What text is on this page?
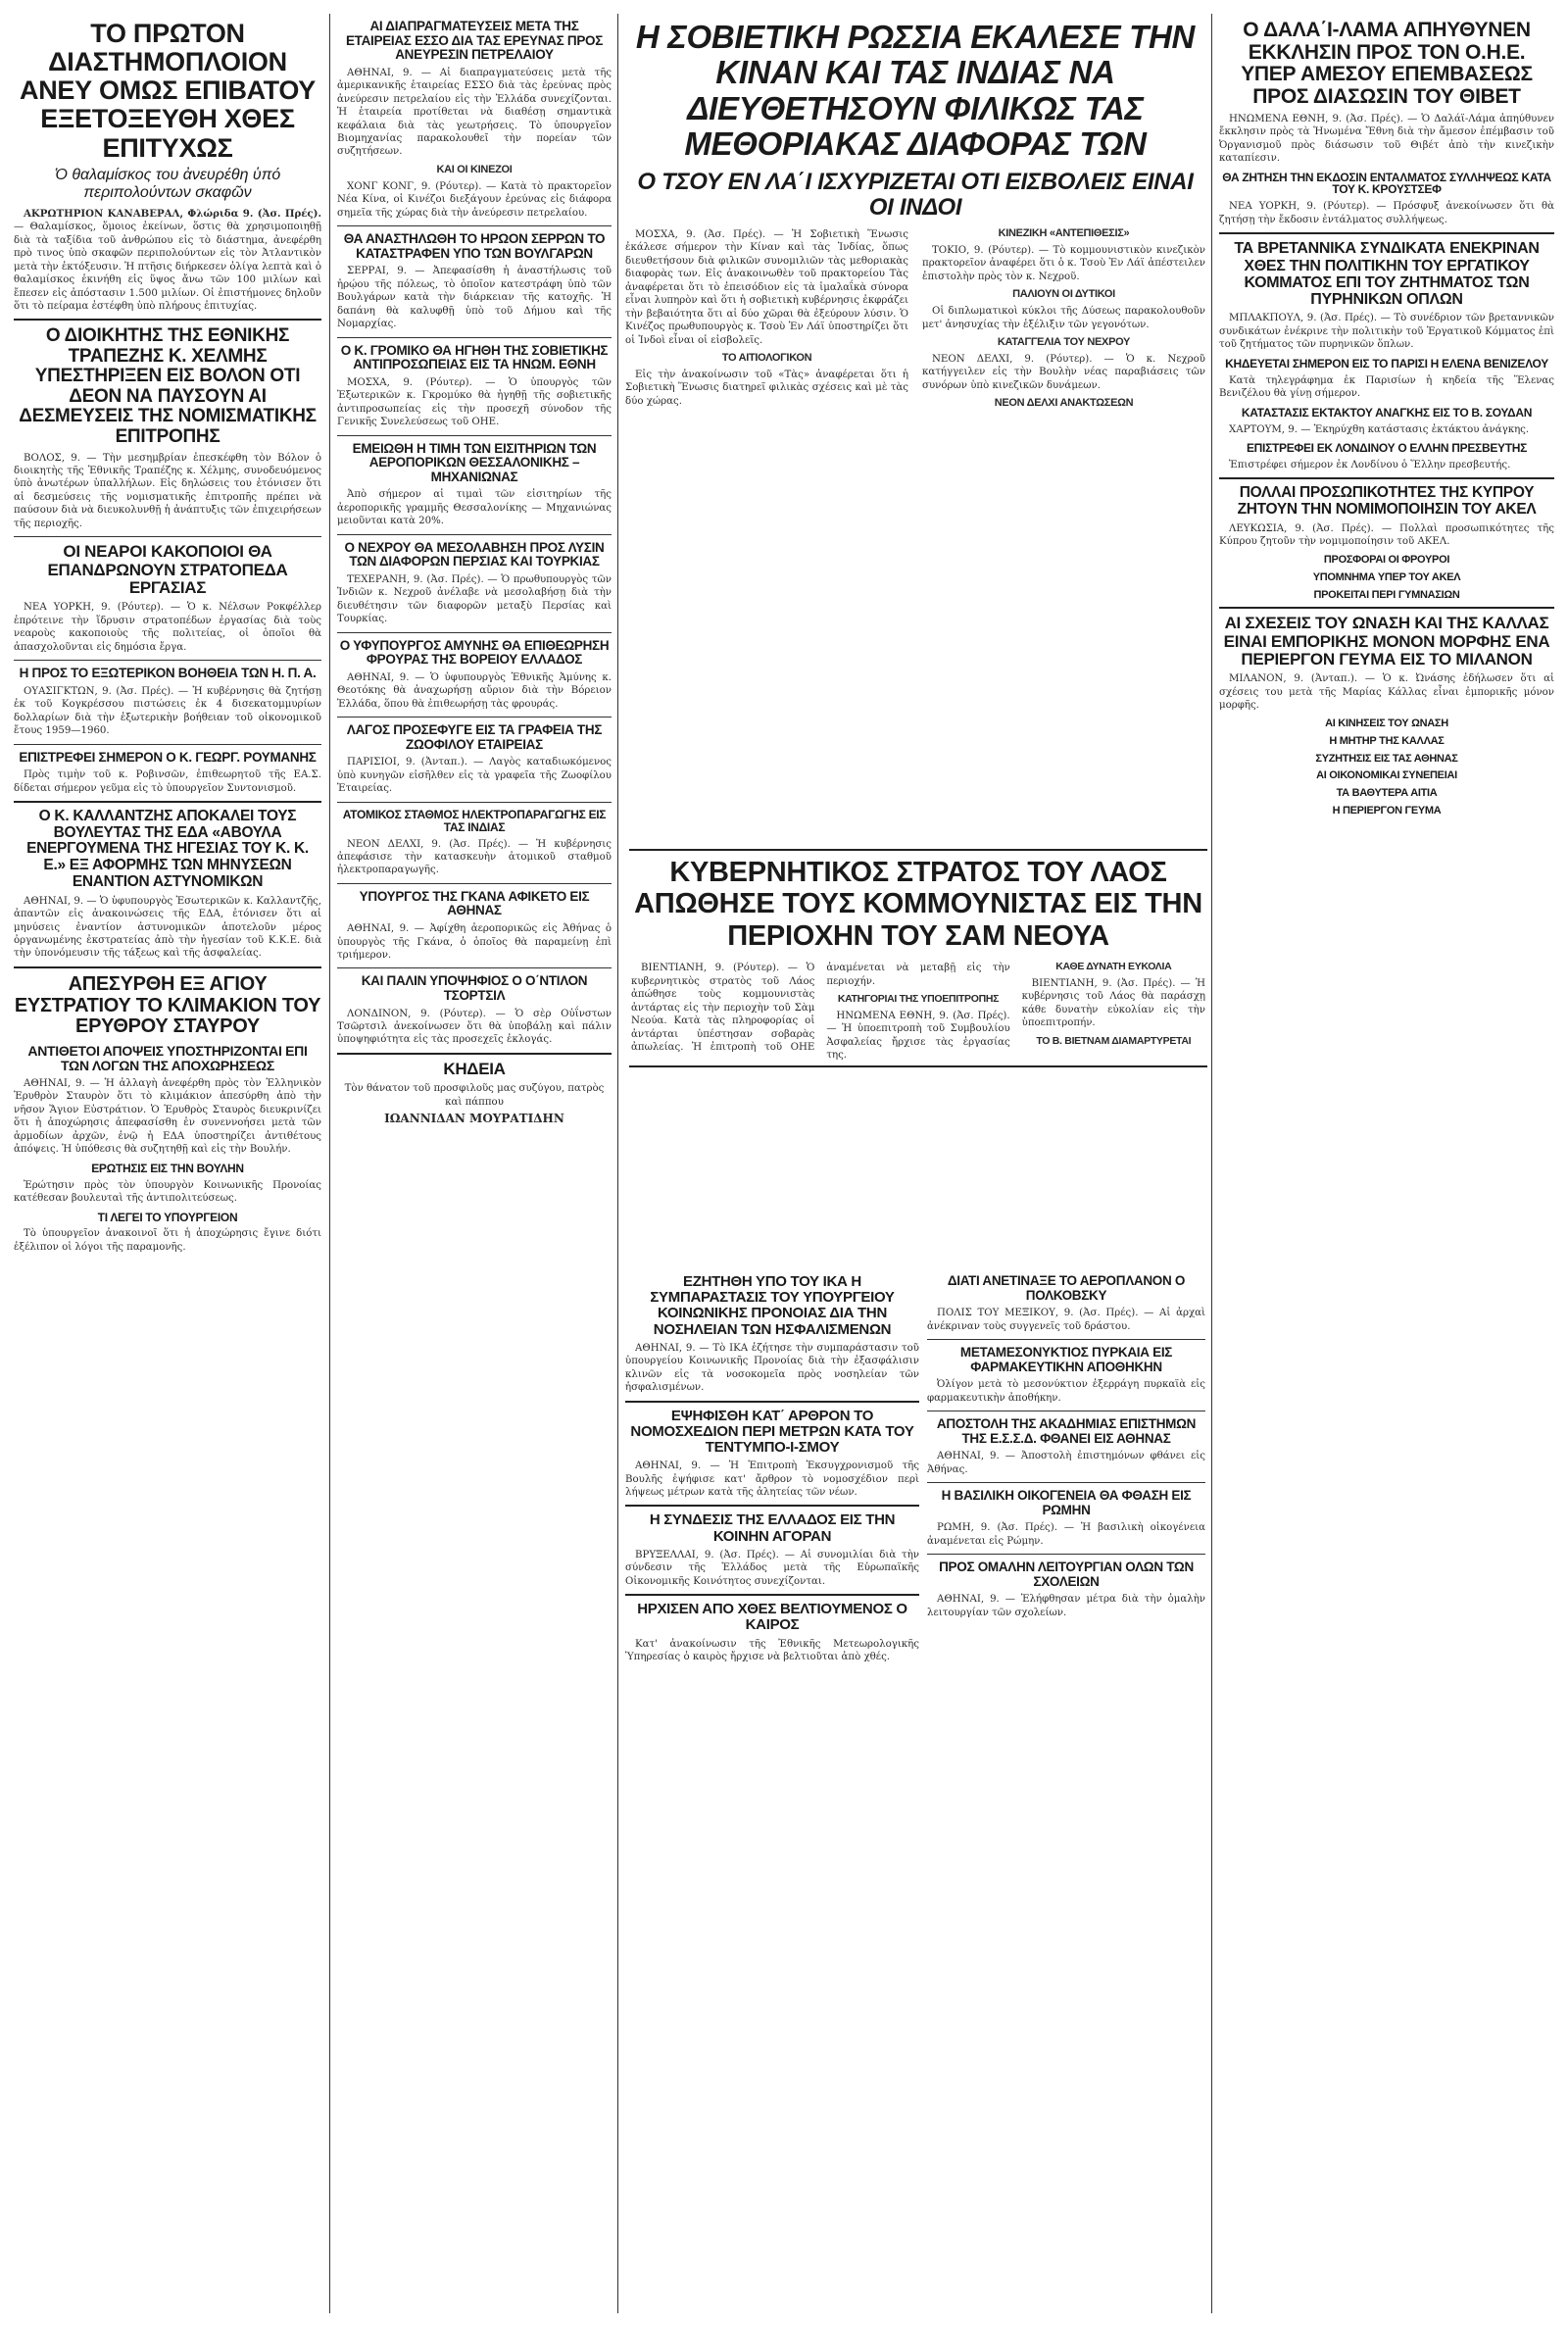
ΤΟ ΠΡΩΤΟΝ ΔΙΑΣΤΗΜΟΠΛΟΙΟΝ ΑΝΕΥ ΟΜΩΣ ΕΠΙΒΑΤΟΥ ΕΞΕΤΟΞΕΥΘΗ ΧΘΕΣ ΕΠΙΤΥΧΩΣ
Ὁ θαλαμίσκος του ἀνευρέθη ὑπό περιπολούντων σκαφῶν

ΑΚΡΩΤΗΡΙΟΝ ΚΑΝΑΒΕΡΑΛ, Φλώριδα 9. (Ἀσ. Πρές). — Θαλαμίσκος, ὅμοιος ἐκείνων, ὅστις θὰ χρησιμοποιηθῇ διὰ τὰ ταξίδια τοῦ ἀνθρώπου εἰς τὸ διάστημα, ἀνεφέρθη πρὸ τινος ὑπὸ σκαφῶν περιπολούντων εἰς τὸν Ἀτλαντικὸν μετὰ τὴν ἐκτόξευσιν. Ἡ πτῆσις διήρκεσεν ὀλίγα λεπτὰ καὶ ὁ θαλαμίσκος ἐκινήθη εἰς ὕψος ἄνω τῶν 100 μιλίων καὶ ἔπεσεν εἰς ἀπόστασιν 1.500 μιλίων. Οἱ ἐπιστήμονες δηλοῦν ὅτι τὸ πείραμα ἐστέφθη ὑπὸ πλήρους ἐπιτυχίας.

Ο ΔΙΟΙΚΗΤΗΣ ΤΗΣ ΕΘΝΙΚΗΣ ΤΡΑΠΕΖΗΣ Κ. ΧΕΛΜΗΣ ΥΠΕΣΤΗΡΙΞΕΝ ΕΙΣ ΒΟΛΟΝ ΟΤΙ ΔΕΟΝ ΝΑ ΠΑΥΣΟΥΝ ΑΙ ΔΕΣΜΕΥΣΕΙΣ ΤΗΣ ΝΟΜΙΣΜΑΤΙΚΗΣ ΕΠΙΤΡΟΠΗΣ

ΒΟΛΟΣ, 9. — Τὴν μεσημβρίαν ἐπεσκέφθη τὸν Βόλον ὁ διοικητὴς τῆς Ἐθνικῆς Τραπέζης κ. Χέλμης, συνοδευόμενος ὑπὸ ἀνωτέρων ὑπαλλήλων. Εἰς δηλώσεις του ἐτόνισεν ὅτι αἱ δεσμεύσεις τῆς νομισματικῆς ἐπιτροπῆς πρέπει νὰ παύσουν διὰ νὰ διευκολυνθῇ ἡ ἀνάπτυξις τῶν ἐπιχειρήσεων τῆς περιοχῆς.

ΟΙ ΝΕΑΡΟΙ ΚΑΚΟΠΟΙΟΙ ΘΑ ΕΠΑΝΔΡΩΝΟΥΝ ΣΤΡΑΤΟΠΕΔΑ ΕΡΓΑΣΙΑΣ

ΝΕΑ ΥΟΡΚΗ, 9. (Ρόυτερ). — Ὁ κ. Νέλσων Ροκφέλλερ ἐπρότεινε τὴν ἵδρυσιν στρατοπέδων ἐργασίας διὰ τοὺς νεαροὺς κακοποιοὺς τῆς πολιτείας, οἱ ὁποῖοι θὰ ἀπασχολοῦνται εἰς δημόσια ἔργα.

Η ΠΡΟΣ ΤΟ ΕΞΩΤΕΡΙΚΟΝ ΒΟΗΘΕΙΑ ΤΩΝ Η. Π. Α.

ΟΥΑΣΙΓΚΤΩΝ, 9. (Ἀσ. Πρές). — Ἡ κυβέρνησις θὰ ζητήσῃ ἐκ τοῦ Κογκρέσσου πιστώσεις ἐκ 4 δισεκατομμυρίων δολλαρίων διὰ τὴν ἐξωτερικὴν βοήθειαν τοῦ οἰκονομικοῦ ἔτους 1959—1960.

ΕΠΙΣΤΡΕΦΕΙ ΣΗΜΕΡΟΝ Ο Κ. ΓΕΩΡΓ. ΡΟΥΜΑΝΗΣ

Πρὸς τιμὴν τοῦ κ. Ροβινσῶν, ἐπιθεωρητοῦ τῆς ΕΑ.Σ. δίδεται σήμερον γεῦμα εἰς τὸ ὑπουργεῖον Συντονισμοῦ.

Ο Κ. ΚΑΛΛΑΝΤΖΗΣ ΑΠΟΚΑΛΕΙ ΤΟΥΣ ΒΟΥΛΕΥΤΑΣ ΤΗΣ ΕΔΑ «ΑΒΟΥΛΑ ΕΝΕΡΓΟΥΜΕΝΑ ΤΗΣ ΗΓΕΣΙΑΣ ΤΟΥ Κ. Κ. Ε.» ΕΞ ΑΦΟΡΜΗΣ ΤΩΝ ΜΗΝΥΣΕΩΝ ΕΝΑΝΤΙΟΝ ΑΣΤΥΝΟΜΙΚΩΝ

ΑΘΗΝΑΙ, 9. — Ὁ ὑφυπουργὸς Ἐσωτερικῶν κ. Καλλαντζῆς, ἀπαντῶν εἰς ἀνακοινώσεις τῆς ΕΔΑ, ἐτόνισεν ὅτι αἱ μηνύσεις ἐναντίον ἀστυνομικῶν ἀποτελοῦν μέρος ὀργανωμένης ἐκστρατείας ἀπὸ τὴν ἡγεσίαν τοῦ Κ.Κ.Ε. διὰ τὴν ὑπονόμευσιν τῆς τάξεως καὶ τῆς ἀσφαλείας.

ΑΠΕΣΥΡΘΗ ΕΞ ΑΓΙΟΥ ΕΥΣΤΡΑΤΙΟΥ ΤΟ ΚΛΙΜΑΚΙΟΝ ΤΟΥ ΕΡΥΘΡΟΥ ΣΤΑΥΡΟΥ
ΑΝΤΙΘΕΤΟΙ ΑΠΟΨΕΙΣ ΥΠΟΣΤΗΡΙΖΟΝΤΑΙ ΕΠΙ ΤΩΝ ΛΟΓΩΝ ΤΗΣ ΑΠΟΧΩΡΗΣΕΩΣ

ΑΘΗΝΑΙ, 9. — Ἡ ἀλλαγὴ ἀνεφέρθη πρὸς τὸν Ἐλληνικὸν Ἐρυθρὸν Σταυρὸν ὅτι τὸ κλιμάκιον ἀπεσύρθη ἀπὸ τὴν νῆσον Ἅγιον Εὐστράτιον. Ὁ Ἐρυθρὸς Σταυρὸς διευκρινίζει ὅτι ἡ ἀποχώρησις ἀπεφασίσθη ἐν συνεννοήσει μετὰ τῶν ἁρμοδίων ἀρχῶν, ἐνῷ ἡ ΕΔΑ ὑποστηρίζει ἀντιθέτους ἀπόψεις. Ἡ ὑπόθεσις θὰ συζητηθῇ καὶ εἰς τὴν Βουλήν.

ΕΡΩΤΗΣΙΣ ΕΙΣ ΤΗΝ ΒΟΥΛΗΝ

Ἐρώτησιν πρὸς τὸν ὑπουργὸν Κοινωνικῆς Προνοίας κατέθεσαν βουλευταὶ τῆς ἀντιπολιτεύσεως.

ΤΙ ΛΕΓΕΙ ΤΟ ΥΠΟΥΡΓΕΙΟΝ

Τὸ ὑπουργεῖον ἀνακοινοῖ ὅτι ἡ ἀποχώρησις ἔγινε διότι ἐξέλιπον οἱ λόγοι τῆς παραμονῆς.

ΑΙ ΔΙΑΠΡΑΓΜΑΤΕΥΣΕΙΣ ΜΕΤΑ ΤΗΣ ΕΤΑΙΡΕΙΑΣ ΕΣΣΟ ΔΙΑ ΤΑΣ ΕΡΕΥΝΑΣ ΠΡΟΣ ΑΝΕΥΡΕΣΙΝ ΠΕΤΡΕΛΑΙΟΥ

ΑΘΗΝΑΙ, 9. — Αἱ διαπραγματεύσεις μετὰ τῆς ἀμερικανικῆς ἑταιρείας ΕΣΣΟ διὰ τὰς ἐρεύνας πρὸς ἀνεύρεσιν πετρελαίου εἰς τὴν Ἑλλάδα συνεχίζονται. Ἡ ἑταιρεία προτίθεται νὰ διαθέσῃ σημαντικὰ κεφάλαια διὰ τὰς γεωτρήσεις. Τὸ ὑπουργεῖον Βιομηχανίας παρακολουθεῖ τὴν πορείαν τῶν συζητήσεων.

ΚΑΙ ΟΙ ΚΙΝΕΖΟΙ

ΧΟΝΓ ΚΟΝΓ, 9. (Ρόυτερ). — Κατὰ τὸ πρακτορεῖον Νέα Κίνα, οἱ Κινέζοι διεξάγουν ἐρεύνας εἰς διάφορα σημεῖα τῆς χώρας διὰ τὴν ἀνεύρεσιν πετρελαίου.

ΘΑ ΑΝΑΣΤΗΛΩΘΗ ΤΟ ΗΡΩΟΝ ΣΕΡΡΩΝ ΤΟ ΚΑΤΑΣΤΡΑΦΕΝ ΥΠΟ ΤΩΝ ΒΟΥΛΓΑΡΩΝ

ΣΕΡΡΑΙ, 9. — Ἀπεφασίσθη ἡ ἀναστήλωσις τοῦ ἡρῴου τῆς πόλεως, τὸ ὁποῖον κατεστράφη ὑπὸ τῶν Βουλγάρων κατὰ τὴν διάρκειαν τῆς κατοχῆς. Ἡ δαπάνη θὰ καλυφθῇ ὑπὸ τοῦ Δήμου καὶ τῆς Νομαρχίας.

Ο Κ. ΓΡΟΜΙΚΟ ΘΑ ΗΓΗΘΗ ΤΗΣ ΣΟΒΙΕΤΙΚΗΣ ΑΝΤΙΠΡΟΣΩΠΕΙΑΣ ΕΙΣ ΤΑ ΗΝΩΜ. ΕΘΝΗ

ΜΟΣΧΑ, 9. (Ρόυτερ). — Ὁ ὑπουργὸς τῶν Ἐξωτερικῶν κ. Γκρομύκο θὰ ἡγηθῇ τῆς σοβιετικῆς ἀντιπροσωπείας εἰς τὴν προσεχῆ σύνοδον τῆς Γενικῆς Συνελεύσεως τοῦ ΟΗΕ.

ΕΜΕΙΩΘΗ Η ΤΙΜΗ ΤΩΝ ΕΙΣΙΤΗΡΙΩΝ ΤΩΝ ΑΕΡΟΠΟΡΙΚΩΝ ΘΕΣΣΑΛΟΝΙΚΗΣ – ΜΗΧΑΝΙΩΝΑΣ

Ἀπὸ σήμερον αἱ τιμαὶ τῶν εἰσιτηρίων τῆς ἀεροπορικῆς γραμμῆς Θεσσαλονίκης — Μηχανιώνας μειοῦνται κατὰ 20%.

Ο ΝΕΧΡΟΥ ΘΑ ΜΕΣΟΛΑΒΗΣΗ ΠΡΟΣ ΛΥΣΙΝ ΤΩΝ ΔΙΑΦΟΡΩΝ ΠΕΡΣΙΑΣ ΚΑΙ ΤΟΥΡΚΙΑΣ

ΤΕΧΕΡΑΝΗ, 9. (Ἀσ. Πρές). — Ὁ πρωθυπουργὸς τῶν Ἰνδιῶν κ. Νεχροῦ ἀνέλαβε νὰ μεσολαβήσῃ διὰ τὴν διευθέτησιν τῶν διαφορῶν μεταξὺ Περσίας καὶ Τουρκίας.

Ο ΥΦΥΠΟΥΡΓΟΣ ΑΜΥΝΗΣ ΘΑ ΕΠΙΘΕΩΡΗΣΗ ΦΡΟΥΡΑΣ ΤΗΣ ΒΟΡΕΙΟΥ ΕΛΛΑΔΟΣ

ΑΘΗΝΑΙ, 9. — Ὁ ὑφυπουργὸς Ἐθνικῆς Ἀμύνης κ. Θεοτόκης θὰ ἀναχωρήσῃ αὔριον διὰ τὴν Βόρειον Ἑλλάδα, ὅπου θὰ ἐπιθεωρήσῃ τὰς φρουράς.

ΛΑΓΟΣ ΠΡΟΣΕΦΥΓΕ ΕΙΣ ΤΑ ΓΡΑΦΕΙΑ ΤΗΣ ΖΩΟΦΙΛΟΥ ΕΤΑΙΡΕΙΑΣ

ΠΑΡΙΣΙΟΙ, 9. (Ἀνταπ.). — Λαγὸς καταδιωκόμενος ὑπὸ κυνηγῶν εἰσῆλθεν εἰς τὰ γραφεῖα τῆς Ζωοφίλου Ἑταιρείας.

ΑΤΟΜΙΚΟΣ ΣΤΑΘΜΟΣ ΗΛΕΚΤΡΟΠΑΡΑΓΩΓΗΣ ΕΙΣ ΤΑΣ ΙΝΔΙΑΣ

ΝΕΟΝ ΔΕΛΧΙ, 9. (Ἀσ. Πρές). — Ἡ κυβέρνησις ἀπεφάσισε τὴν κατασκευὴν ἀτομικοῦ σταθμοῦ ἠλεκτροπαραγωγῆς.

ΥΠΟΥΡΓΟΣ ΤΗΣ ΓΚΑΝΑ ΑΦΙΚΕΤΟ ΕΙΣ ΑΘΗΝΑΣ

ΑΘΗΝΑΙ, 9. — Ἀφίχθη ἀεροπορικῶς εἰς Ἀθήνας ὁ ὑπουργὸς τῆς Γκάνα, ὁ ὁποῖος θὰ παραμείνῃ ἐπὶ τριήμερον.

ΚΑΙ ΠΑΛΙΝ ΥΠΟΨΗΦΙΟΣ Ο Ο΄ΝΤΙΛΟΝ ΤΣΟΡΤΣΙΛ

ΛΟΝΔΙΝΟΝ, 9. (Ρόυτερ). — Ὁ σὲρ Οὐΐνστων Τσῶρτσιλ ἀνεκοίνωσεν ὅτι θὰ ὑποβάλῃ καὶ πάλιν ὑποψηφιότητα εἰς τὰς προσεχεῖς ἐκλογάς.

ΚΗΔΕΙΑ
Τὸν θάνατον τοῦ προσφιλοῦς μας συζύγου, πατρὸς καὶ πάππου
ΙΩΑΝΝΙΔΑΝ ΜΟΥΡΑΤΙΔΗΝ
Η ΣΟΒΙΕΤΙΚΗ ΡΩΣΣΙΑ ΕΚΑΛΕΣΕ ΤΗΝ ΚΙΝΑΝ ΚΑΙ ΤΑΣ ΙΝΔΙΑΣ ΝΑ ΔΙΕΥΘΕΤΗΣΟΥΝ ΦΙΛΙΚΩΣ ΤΑΣ ΜΕΘΟΡΙΑΚΑΣ ΔΙΑΦΟΡΑΣ ΤΩΝ
Ο ΤΣΟΥ ΕΝ ΛΑ΄Ι ΙΣΧΥΡΙΖΕΤΑΙ ΟΤΙ ΕΙΣΒΟΛΕΙΣ ΕΙΝΑΙ ΟΙ ΙΝΔΟΙ

ΜΟΣΧΑ, 9. (Ἀσ. Πρές). — Ἡ Σοβιετικὴ Ἕνωσις ἐκάλεσε σήμερον τὴν Κίναν καὶ τὰς Ἰνδίας, ὅπως διευθετήσουν διὰ φιλικῶν συνομιλιῶν τὰς μεθοριακὰς διαφορὰς των. Εἰς ἀνακοινωθὲν τοῦ πρακτορείου Τὰς ἀναφέρεται ὅτι τὸ ἐπεισόδιον εἰς τὰ ἱμαλαΐκὰ σύνορα εἶναι λυπηρὸν καὶ ὅτι ἡ σοβιετικὴ κυβέρνησις ἐκφράζει τὴν βεβαιότητα ὅτι αἱ δύο χῶραι θὰ ἐξεύρουν λύσιν. Ὁ Κινέζος πρωθυπουργὸς κ. Τσοὺ Ἐν Λάϊ ὑποστηρίζει ὅτι οἱ Ἰνδοὶ εἶναι οἱ εἰσβολεῖς.

ΤΟ ΑΙΤΙΟΛΟΓΙΚΟΝ

Εἰς τὴν ἀνακοίνωσιν τοῦ «Τὰς» ἀναφέρεται ὅτι ἡ Σοβιετικὴ Ἕνωσις διατηρεῖ φιλικὰς σχέσεις καὶ μὲ τὰς δύο χώρας.

ΚΙΝΕΖΙΚΗ «ΑΝΤΕΠΙΘΕΣΙΣ»

ΤΟΚΙΟ, 9. (Ρόυτερ). — Τὸ κομμουνιστικὸν κινεζικὸν πρακτορεῖον ἀναφέρει ὅτι ὁ κ. Τσοὺ Ἐν Λάϊ ἀπέστειλεν ἐπιστολὴν πρὸς τὸν κ. Νεχροῦ.

ΠΑΛΙΟΥΝ ΟΙ ΔΥΤΙΚΟΙ

Οἱ διπλωματικοὶ κύκλοι τῆς Δύσεως παρακολουθοῦν μετ' ἀνησυχίας τὴν ἐξέλιξιν τῶν γεγονότων.

ΚΑΤΑΓΓΕΛΙΑ ΤΟΥ ΝΕΧΡΟΥ

ΝΕΟΝ ΔΕΛΧΙ, 9. (Ρόυτερ). — Ὁ κ. Νεχροῦ κατήγγειλεν εἰς τὴν Βουλὴν νέας παραβιάσεις τῶν συνόρων ὑπὸ κινεζικῶν δυνάμεων.

ΝΕΟΝ ΔΕΛΧΙ ΑΝΑΚΤΩΣΕΩΝ
ΚΥΒΕΡΝΗΤΙΚΟΣ ΣΤΡΑΤΟΣ ΤΟΥ ΛΑΟΣ ΑΠΩΘΗΣΕ ΤΟΥΣ ΚΟΜΜΟΥΝΙΣΤΑΣ ΕΙΣ ΤΗΝ ΠΕΡΙΟΧΗΝ ΤΟΥ ΣΑΜ ΝΕΟΥΑ

ΒΙΕΝΤΙΑΝΗ, 9. (Ρόυτερ). — Ὁ κυβερνητικὸς στρατὸς τοῦ Λάος ἀπώθησε τοὺς κομμουνιστὰς ἀντάρτας εἰς τὴν περιοχὴν τοῦ Σὰμ Νεούα. Κατὰ τὰς πληροφορίας οἱ ἀντάρται ὑπέστησαν σοβαρὰς ἀπωλείας. Ἡ ἐπιτροπὴ τοῦ ΟΗΕ ἀναμένεται νὰ μεταβῇ εἰς τὴν περιοχήν.

ΚΑΤΗΓΟΡΙΑΙ ΤΗΣ ΥΠΟΕΠΙΤΡΟΠΗΣ

ΗΝΩΜΕΝΑ ΕΘΝΗ, 9. (Ἀσ. Πρές). — Ἡ ὑποεπιτροπὴ τοῦ Συμβουλίου Ἀσφαλείας ἤρχισε τὰς ἐργασίας της.

ΚΑΘΕ ΔΥΝΑΤΗ ΕΥΚΟΛΙΑ

ΒΙΕΝΤΙΑΝΗ, 9. (Ἀσ. Πρές). — Ἡ κυβέρνησις τοῦ Λάος θὰ παράσχῃ κάθε δυνατὴν εὐκολίαν εἰς τὴν ὑποεπιτροπήν.

ΤΟ Β. ΒΙΕΤΝΑΜ ΔΙΑΜΑΡΤΥΡΕΤΑΙ
ΕΖΗΤΗΘΗ ΥΠΟ ΤΟΥ ΙΚΑ Η ΣΥΜΠΑΡΑΣΤΑΣΙΣ ΤΟΥ ΥΠΟΥΡΓΕΙΟΥ ΚΟΙΝΩΝΙΚΗΣ ΠΡΟΝΟΙΑΣ ΔΙΑ ΤΗΝ ΝΟΣΗΛΕΙΑΝ ΤΩΝ ΗΣΦΑΛΙΣΜΕΝΩΝ

ΑΘΗΝΑΙ, 9. — Τὸ ΙΚΑ ἐζήτησε τὴν συμπαράστασιν τοῦ ὑπουργείου Κοινωνικῆς Προνοίας διὰ τὴν ἐξασφάλισιν κλινῶν εἰς τὰ νοσοκομεῖα πρὸς νοσηλείαν τῶν ἠσφαλισμένων.

ΕΨΗΦΙΣΘΗ ΚΑΤ΄ ΑΡΘΡΟΝ ΤΟ ΝΟΜΟΣΧΕΔΙΟΝ ΠΕΡΙ ΜΕΤΡΩΝ ΚΑΤΑ ΤΟΥ ΤΕΝΤΥΜΠΟ-Ι-ΣΜΟΥ

ΑΘΗΝΑΙ, 9. — Ἡ Ἐπιτροπὴ Ἐκσυγχρονισμοῦ τῆς Βουλῆς ἐψήφισε κατ' ἄρθρον τὸ νομοσχέδιον περὶ λήψεως μέτρων κατὰ τῆς ἀλητείας τῶν νέων.

Η ΣΥΝΔΕΣΙΣ ΤΗΣ ΕΛΛΑΔΟΣ ΕΙΣ ΤΗΝ ΚΟΙΝΗΝ ΑΓΟΡΑΝ

ΒΡΥΞΕΛΛΑΙ, 9. (Ἀσ. Πρές). — Αἱ συνομιλίαι διὰ τὴν σύνδεσιν τῆς Ἑλλάδος μετὰ τῆς Εὐρωπαϊκῆς Οἰκονομικῆς Κοινότητος συνεχίζονται.

ΗΡΧΙΣΕΝ ΑΠΟ ΧΘΕΣ ΒΕΛΤΙΟΥΜΕΝΟΣ Ο ΚΑΙΡΟΣ

Κατ' ἀνακοίνωσιν τῆς Ἐθνικῆς Μετεωρολογικῆς Ὑπηρεσίας ὁ καιρὸς ἤρχισε νὰ βελτιοῦται ἀπὸ χθές.

ΔΙΑΤΙ ΑΝΕΤΙΝΑΞΕ ΤΟ ΑΕΡΟΠΛΑΝΟΝ Ο ΠΟΛΚΟΒΣΚΥ

ΠΟΛΙΣ ΤΟΥ ΜΕΞΙΚΟΥ, 9. (Ἀσ. Πρές). — Αἱ ἀρχαὶ ἀνέκριναν τοὺς συγγενεῖς τοῦ δράστου.

ΜΕΤΑΜΕΣΟΝΥΚΤΙΟΣ ΠΥΡΚΑΙΑ ΕΙΣ ΦΑΡΜΑΚΕΥΤΙΚΗΝ ΑΠΟΘΗΚΗΝ

Ὀλίγον μετὰ τὸ μεσονύκτιον ἐξερράγη πυρκαϊὰ εἰς φαρμακευτικὴν ἀποθήκην.

ΑΠΟΣΤΟΛΗ ΤΗΣ ΑΚΑΔΗΜΙΑΣ ΕΠΙΣΤΗΜΩΝ ΤΗΣ Ε.Σ.Σ.Δ. ΦΘΑΝΕΙ ΕΙΣ ΑΘΗΝΑΣ

ΑΘΗΝΑΙ, 9. — Ἀποστολὴ ἐπιστημόνων φθάνει εἰς Ἀθήνας.

Η ΒΑΣΙΛΙΚΗ ΟΙΚΟΓΕΝΕΙΑ ΘΑ ΦΘΑΣΗ ΕΙΣ ΡΩΜΗΝ

ΡΩΜΗ, 9. (Ἀσ. Πρές). — Ἡ βασιλικὴ οἰκογένεια ἀναμένεται εἰς Ρώμην.

ΠΡΟΣ ΟΜΑΛΗΝ ΛΕΙΤΟΥΡΓΙΑΝ ΟΛΩΝ ΤΩΝ ΣΧΟΛΕΙΩΝ

ΑΘΗΝΑΙ, 9. — Ἐλήφθησαν μέτρα διὰ τὴν ὁμαλὴν λειτουργίαν τῶν σχολείων.

Ο ΔΑΛΑ΄Ι-ΛΑΜΑ ΑΠΗΥΘΥΝΕΝ ΕΚΚΛΗΣΙΝ ΠΡΟΣ ΤΟΝ Ο.Η.Ε. ΥΠΕΡ ΑΜΕΣΟΥ ΕΠΕΜΒΑΣΕΩΣ ΠΡΟΣ ΔΙΑΣΩΣΙΝ ΤΟΥ ΘΙΒΕΤ

ΗΝΩΜΕΝΑ ΕΘΝΗ, 9. (Ἀσ. Πρές). — Ὁ Δαλάϊ-Λάμα ἀπηύθυνεν ἔκκλησιν πρὸς τὰ Ἡνωμένα Ἔθνη διὰ τὴν ἄμεσον ἐπέμβασιν τοῦ Ὀργανισμοῦ πρὸς διάσωσιν τοῦ Θιβέτ ἀπὸ τὴν κινεζικὴν καταπίεσιν.

ΘΑ ΖΗΤΗΣΗ ΤΗΝ ΕΚΔΟΣΙΝ ΕΝΤΑΛΜΑΤΟΣ ΣΥΛΛΗΨΕΩΣ ΚΑΤΑ ΤΟΥ Κ. ΚΡΟΥΣΤΣΕΦ

ΝΕΑ ΥΟΡΚΗ, 9. (Ρόυτερ). — Πρόσφυξ ἀνεκοίνωσεν ὅτι θὰ ζητήσῃ τὴν ἔκδοσιν ἐντάλματος συλλήψεως.

ΤΑ ΒΡΕΤΑΝΝΙΚΑ ΣΥΝΔΙΚΑΤΑ ΕΝΕΚΡΙΝΑΝ ΧΘΕΣ ΤΗΝ ΠΟΛΙΤΙΚΗΝ ΤΟΥ ΕΡΓΑΤΙΚΟΥ ΚΟΜΜΑΤΟΣ ΕΠΙ ΤΟΥ ΖΗΤΗΜΑΤΟΣ ΤΩΝ ΠΥΡΗΝΙΚΩΝ ΟΠΛΩΝ

ΜΠΛΑΚΠΟΥΛ, 9. (Ἀσ. Πρές). — Τὸ συνέδριον τῶν βρεταννικῶν συνδικάτων ἐνέκρινε τὴν πολιτικὴν τοῦ Ἐργατικοῦ Κόμματος ἐπὶ τοῦ ζητήματος τῶν πυρηνικῶν ὅπλων.

ΚΗΔΕΥΕΤΑΙ ΣΗΜΕΡΟΝ ΕΙΣ ΤΟ ΠΑΡΙΣΙ Η ΕΛΕΝΑ ΒΕΝΙΖΕΛΟΥ

Κατὰ τηλεγράφημα ἐκ Παρισίων ἡ κηδεία τῆς Ἕλενας Βενιζέλου θὰ γίνῃ σήμερον.

ΚΑΤΑΣΤΑΣΙΣ ΕΚΤΑΚΤΟΥ ΑΝΑΓΚΗΣ ΕΙΣ ΤΟ Β. ΣΟΥΔΑΝ

ΧΑΡΤΟΥΜ, 9. — Ἐκηρύχθη κατάστασις ἐκτάκτου ἀνάγκης.

ΕΠΙΣΤΡΕΦΕΙ ΕΚ ΛΟΝΔΙΝΟΥ Ο ΕΛΛΗΝ ΠΡΕΣΒΕΥΤΗΣ

Ἐπιστρέφει σήμερον ἐκ Λονδίνου ὁ Ἕλλην πρεσβευτής.

ΠΟΛΛΑΙ ΠΡΟΣΩΠΙΚΟΤΗΤΕΣ ΤΗΣ ΚΥΠΡΟΥ ΖΗΤΟΥΝ ΤΗΝ ΝΟΜΙΜΟΠΟΙΗΣΙΝ ΤΟΥ ΑΚΕΛ

ΛΕΥΚΩΣΙΑ, 9. (Ἀσ. Πρές). — Πολλαὶ προσωπικότητες τῆς Κύπρου ζητοῦν τὴν νομιμοποίησιν τοῦ ΑΚΕΛ.

ΠΡΟΣΦΟΡΑΙ ΟΙ ΦΡΟΥΡΟΙ
ΥΠΟΜΝΗΜΑ ΥΠΕΡ ΤΟΥ ΑΚΕΛ
ΠΡΟΚΕΙΤΑΙ ΠΕΡΙ ΓΥΜΝΑΣΙΩΝ
ΑΙ ΣΧΕΣΕΙΣ ΤΟΥ ΩΝΑΣΗ ΚΑΙ ΤΗΣ ΚΑΛΛΑΣ ΕΙΝΑΙ ΕΜΠΟΡΙΚΗΣ ΜΟΝΟΝ ΜΟΡΦΗΣ ΕΝΑ ΠΕΡΙΕΡΓΟΝ ΓΕΥΜΑ ΕΙΣ ΤΟ ΜΙΛΑΝΟΝ

ΜΙΛΑΝΟΝ, 9. (Ἀνταπ.). — Ὁ κ. Ὠνάσης ἐδήλωσεν ὅτι αἱ σχέσεις του μετὰ τῆς Μαρίας Κάλλας εἶναι ἐμπορικῆς μόνον μορφῆς.

ΑΙ ΚΙΝΗΣΕΙΣ ΤΟΥ ΩΝΑΣΗ
Η ΜΗΤΗΡ ΤΗΣ ΚΑΛΛΑΣ
ΣΥΖΗΤΗΣΙΣ ΕΙΣ ΤΑΣ ΑΘΗΝΑΣ
ΑΙ ΟΙΚΟΝΟΜΙΚΑΙ ΣΥΝΕΠΕΙΑΙ
ΤΑ ΒΑΘΥΤΕΡΑ ΑΙΤΙΑ
Η ΠΕΡΙΕΡΓΟΝ ΓΕΥΜΑ
